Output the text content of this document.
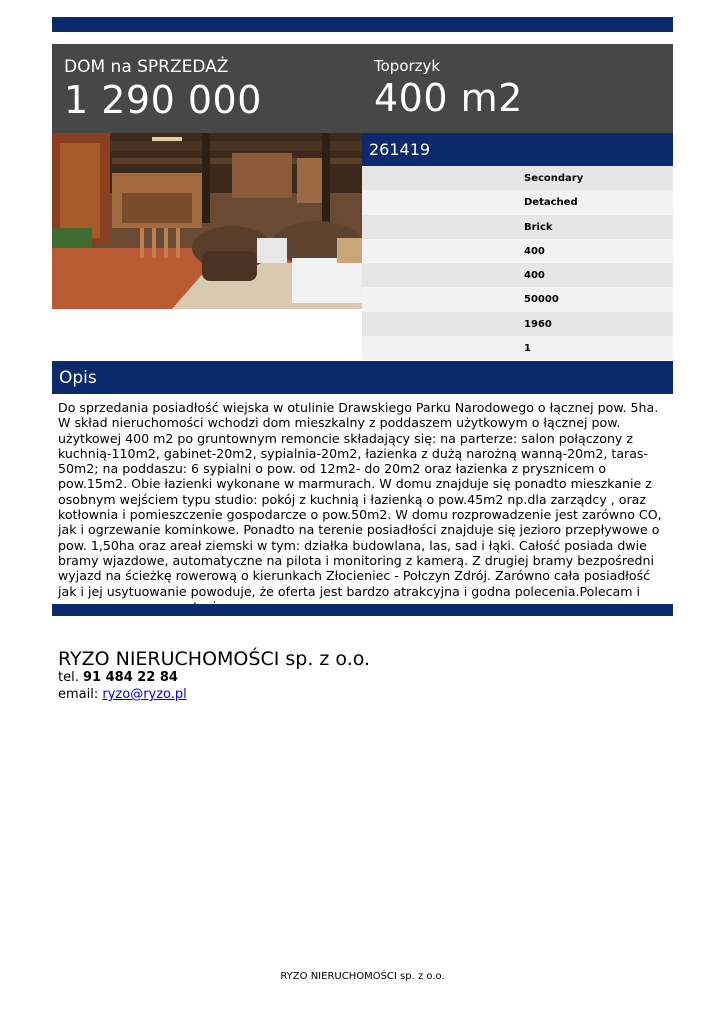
DOM na SPRZEDAŻ
1 290 000
Toporzyk
400 m2
261419
Secondary
Detached
Brick
400
400
50000
1960
1
Opis

Do sprzedania posiadłość wiejska w otulinie Drawskiego Parku Narodowego o łącznej pow. 5ha. W skład nieruchomości wchodzi dom mieszkalny z poddaszem użytkowym o łącznej pow. użytkowej 400 m2 po gruntownym remoncie składający się: na parterze: salon połączony z kuchnią-110m2, gabinet-20m2, sypialnia-20m2, łazienka z dużą narożną wanną-20m2, taras-50m2; na poddaszu: 6 sypialni o pow. od 12m2- do 20m2 oraz łazienka z prysznicem o pow.15m2. Obie łazienki wykonane w marmurach. W domu znajduje się ponadto mieszkanie z osobnym wejściem typu studio: pokój z kuchnią i łazienką o pow.45m2 np.dla zarządcy , oraz kotłownia i pomieszczenie gospodarcze o pow.50m2. W domu rozprowadzenie jest zarówno CO, jak i ogrzewanie kominkowe. Ponadto na terenie posiadłości znajduje się jezioro przepływowe o pow. 1,50ha oraz areał ziemski w tym: działka budowlana, las, sad i łąki. Całość posiada dwie bramy wjazdowe, automatyczne na pilota i monitoring z kamerą. Z drugiej bramy bezpośredni wyjazd na ścieżkę rowerową o kierunkach Złocieniec - Połczyn Zdrój. Zarówno cała posiadłość jak i jej usytuowanie powoduje, że oferta jest bardzo atrakcyjna i godna polecenia.Polecam i

RYZO NIERUCHOMOŚCI sp. z o.o.
tel. 91 484 22 84
email: ryzo@ryzo.pl
RYZO NIERUCHOMOŚCI sp. z o.o.
